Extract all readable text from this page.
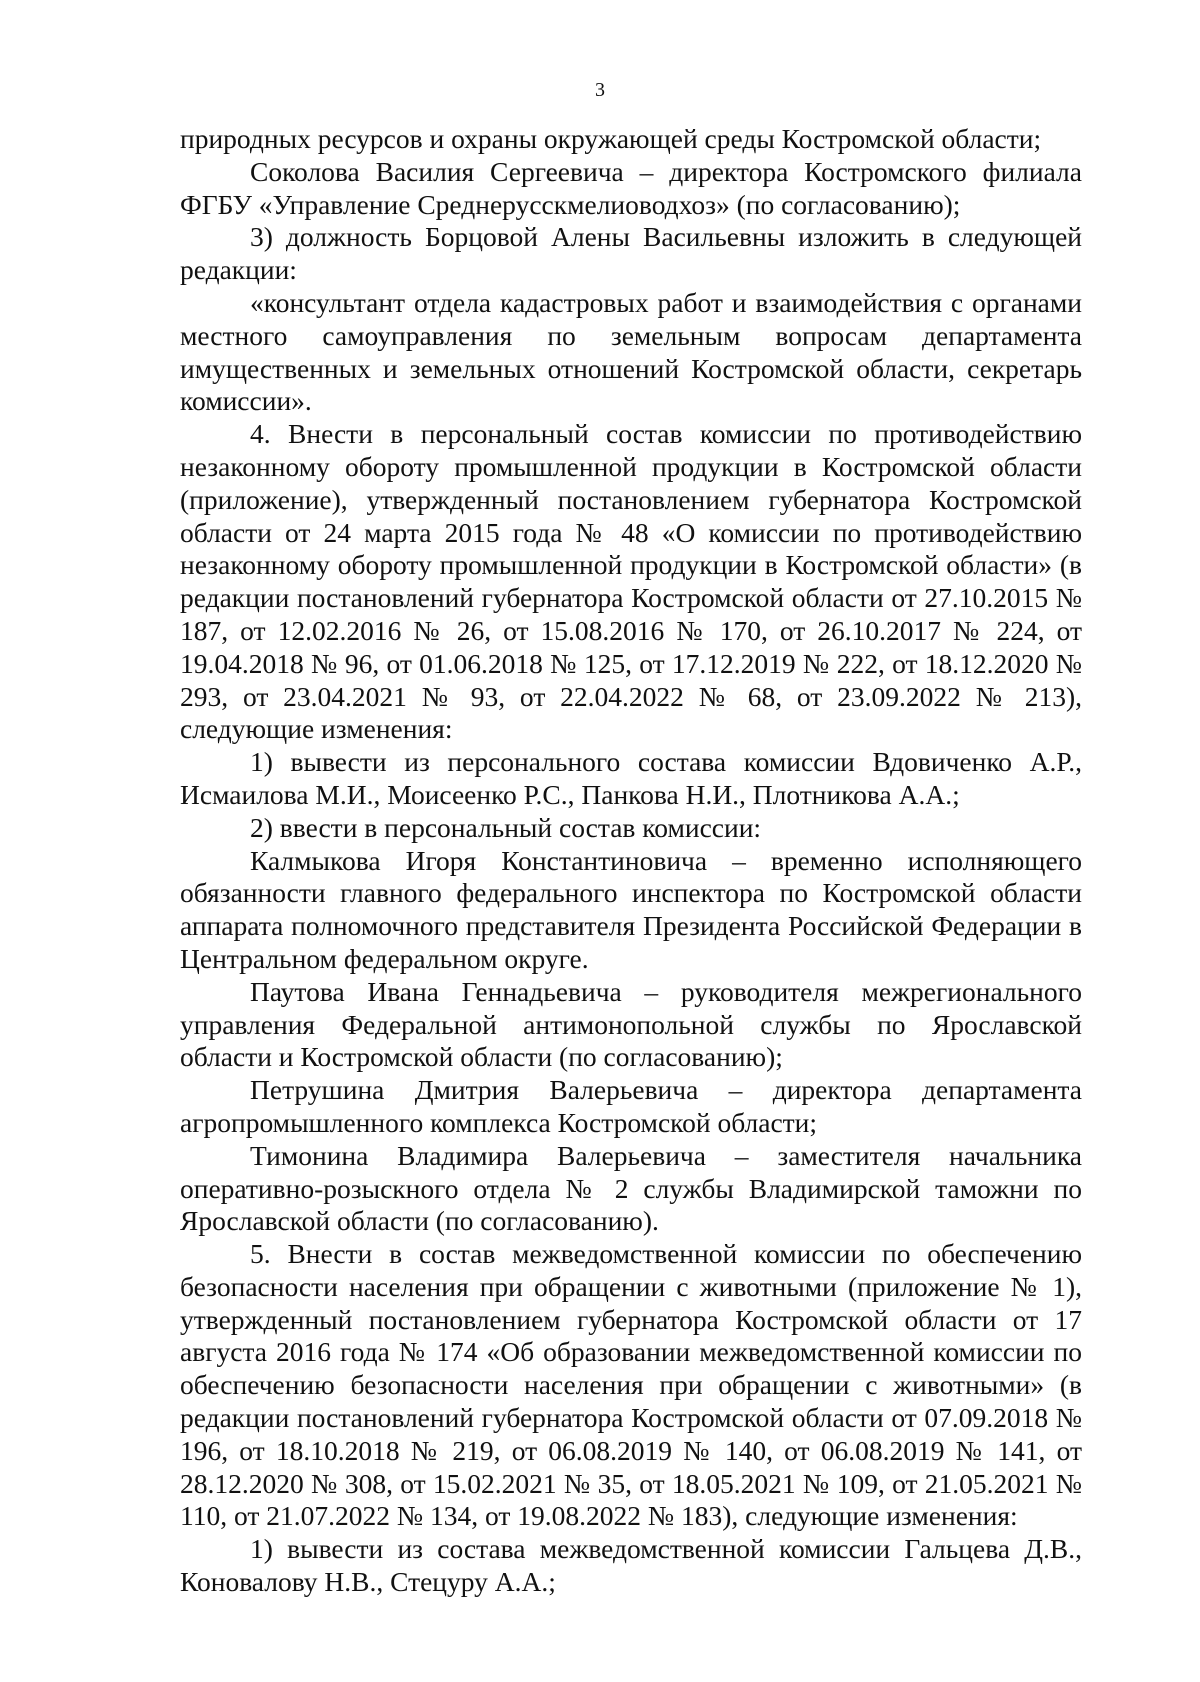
3

природных ресурсов и охраны окружающей среды Костромской области;

Соколова Василия Сергеевича – директора Костромского филиала ФГБУ «Управление Среднерусскмелиоводхоз» (по согласованию);

3) должность Борцовой Алены Васильевны изложить в следующей редакции:

«консультант отдела кадастровых работ и взаимодействия с органами местного самоуправления по земельным вопросам департамента имущественных и земельных отношений Костромской области, секретарь комиссии».

4. Внести в персональный состав комиссии по противодействию незаконному обороту промышленной продукции в Костромской области (приложение), утвержденный постановлением губернатора Костромской области от 24 марта 2015 года № 48 «О комиссии по противодействию незаконному обороту промышленной продукции в Костромской области» (в редакции постановлений губернатора Костромской области от 27.10.2015 № 187, от 12.02.2016 № 26, от 15.08.2016 № 170, от 26.10.2017 № 224, от 19.04.2018 № 96, от 01.06.2018 № 125, от 17.12.2019 № 222, от 18.12.2020 № 293, от 23.04.2021 № 93, от 22.04.2022 № 68, от 23.09.2022 № 213), следующие изменения:

1) вывести из персонального состава комиссии Вдовиченко А.Р., Исмаилова М.И., Моисеенко Р.С., Панкова Н.И., Плотникова А.А.;

2) ввести в персональный состав комиссии:

Калмыкова Игоря Константиновича – временно исполняющего обязанности главного федерального инспектора по Костромской области аппарата полномочного представителя Президента Российской Федерации в Центральном федеральном округе.

Паутова Ивана Геннадьевича – руководителя межрегионального управления Федеральной антимонопольной службы по Ярославской области и Костромской области (по согласованию);

Петрушина Дмитрия Валерьевича – директора департамента агропромышленного комплекса Костромской области;

Тимонина Владимира Валерьевича – заместителя начальника оперативно-розыскного отдела № 2 службы Владимирской таможни по Ярославской области (по согласованию).

5. Внести в состав межведомственной комиссии по обеспечению безопасности населения при обращении с животными (приложение № 1), утвержденный постановлением губернатора Костромской области от 17 августа 2016 года № 174 «Об образовании межведомственной комиссии по обеспечению безопасности населения при обращении с животными» (в редакции постановлений губернатора Костромской области от 07.09.2018 № 196, от 18.10.2018 № 219, от 06.08.2019 № 140, от 06.08.2019 № 141, от 28.12.2020 № 308, от 15.02.2021 № 35, от 18.05.2021 № 109, от 21.05.2021 № 110, от 21.07.2022 № 134, от 19.08.2022 № 183), следующие изменения:

1) вывести из состава межведомственной комиссии Гальцева Д.В., Коновалову Н.В., Стецуру А.А.;
